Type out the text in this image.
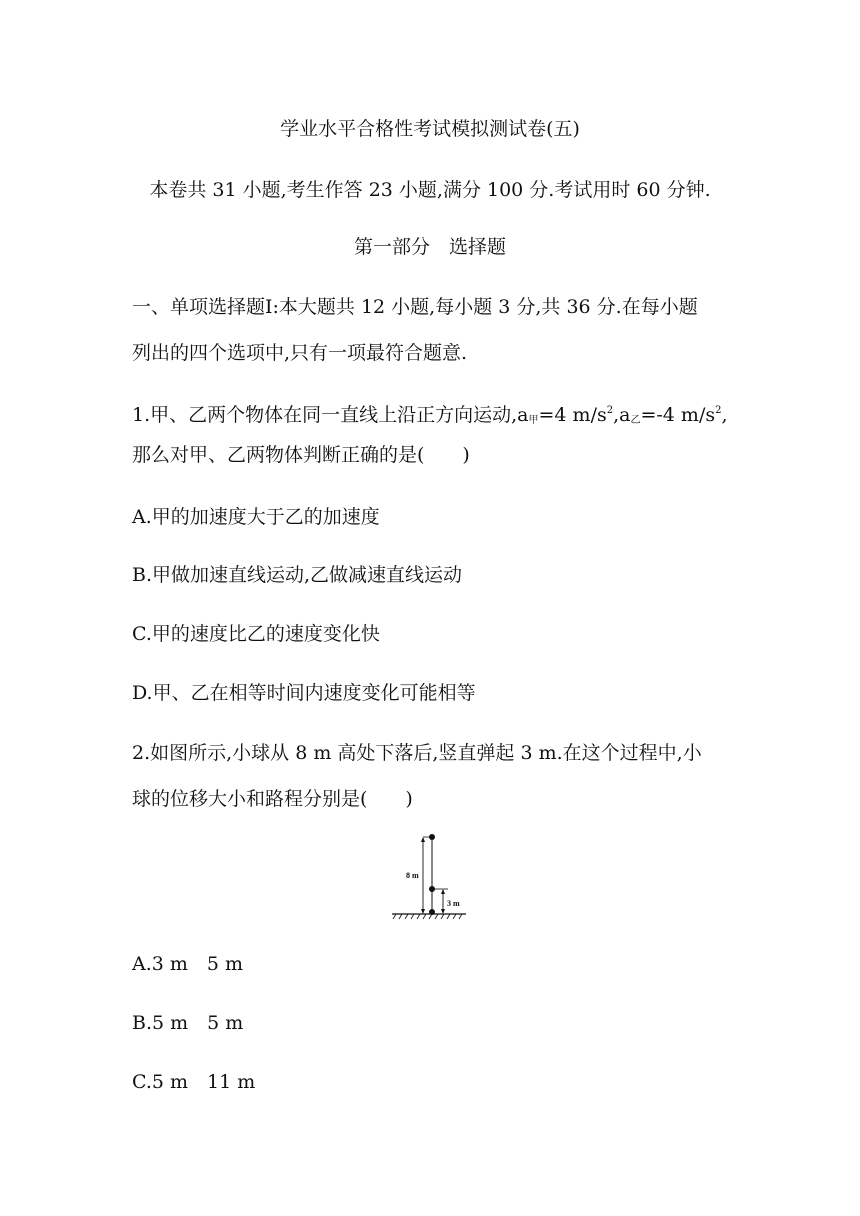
学业水平合格性考试模拟测试卷(五)
本卷共 31 小题,考生作答 23 小题,满分 100 分.考试用时 60 分钟.
第一部分　选择题
一、单项选择题Ⅰ:本大题共 12 小题,每小题 3 分,共 36 分.在每小题
列出的四个选项中,只有一项最符合题意.
1.甲、乙两个物体在同一直线上沿正方向运动$,a_甲=4$ $m/s^2,a_乙=-4$ $m/s^2$,
那么对甲、乙两物体判断正确的是(　　)
A.甲的加速度大于乙的加速度
B.甲做加速直线运动,乙做减速直线运动
C.甲的速度比乙的速度变化快
D.甲、乙在相等时间内速度变化可能相等
2.如图所示,小球从 8 m 高处下落后,竖直弹起 3 m.在这个过程中,小
球的位移大小和路程分别是(　　)
8 m
3 m
A.3 m　5 m
B.5 m　5 m
C.5 m　11 m
